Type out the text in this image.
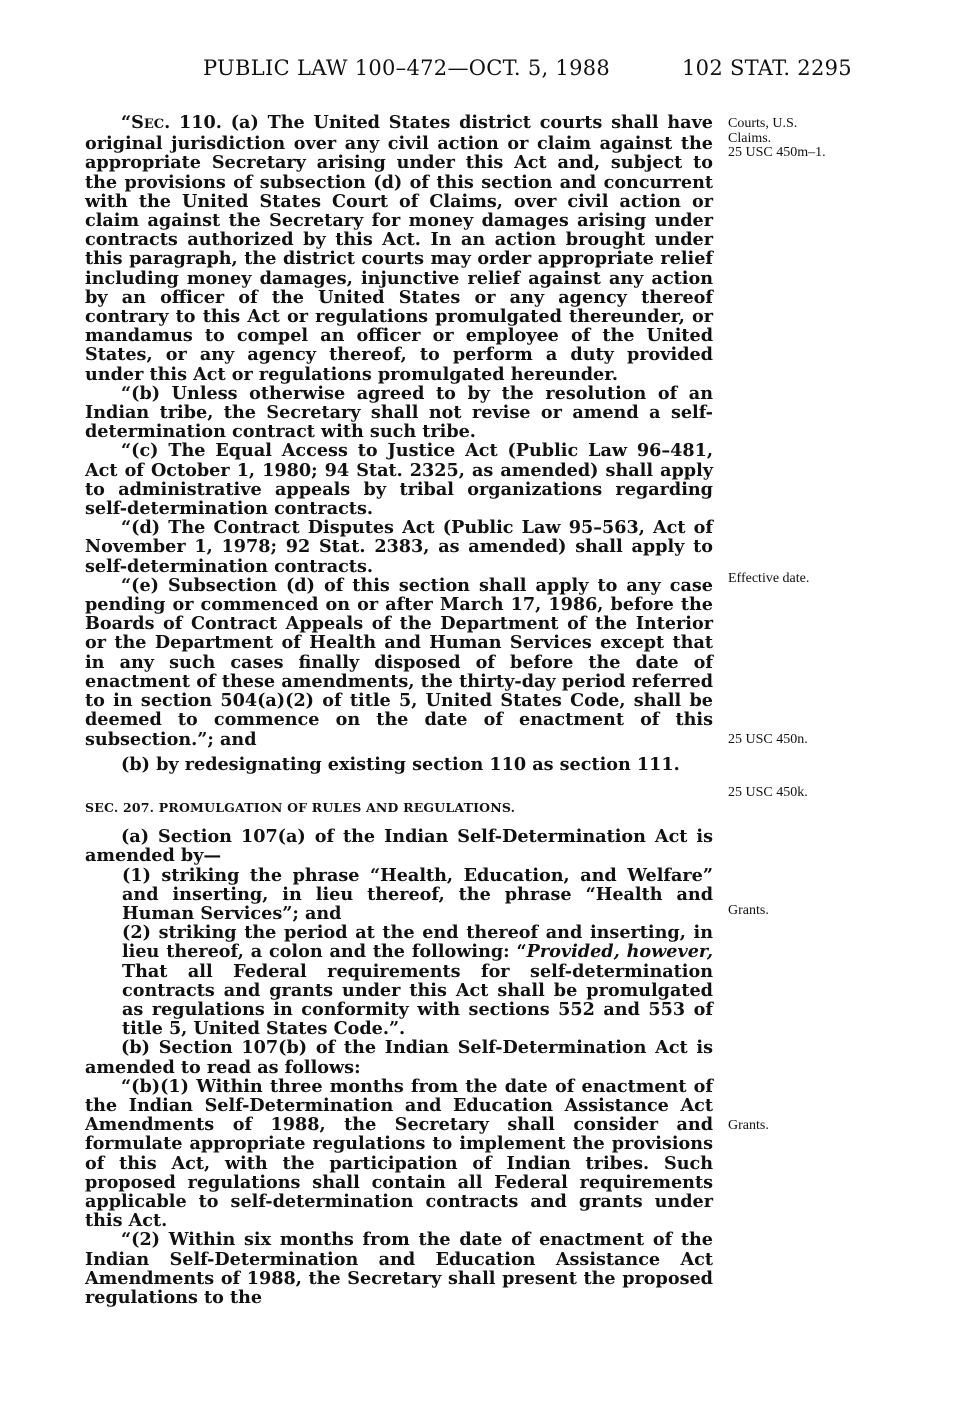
PUBLIC LAW 100–472—OCT. 5, 1988	102 STAT. 2295

“SEC. 110. (a) The United States district courts shall have original jurisdiction over any civil action or claim against the appropriate Secretary arising under this Act and, subject to the provisions of subsection (d) of this section and concurrent with the United States Court of Claims, over civil action or claim against the Secretary for money damages arising under contracts authorized by this Act. In an action brought under this paragraph, the district courts may order appropriate relief including money damages, injunctive relief against any action by an officer of the United States or any agency thereof contrary to this Act or regulations promulgated thereunder, or mandamus to compel an officer or employee of the United States, or any agency thereof, to perform a duty provided under this Act or regulations promulgated hereunder.

“(b) Unless otherwise agreed to by the resolution of an Indian tribe, the Secretary shall not revise or amend a self-determination contract with such tribe.

“(c) The Equal Access to Justice Act (Public Law 96–481, Act of October 1, 1980; 94 Stat. 2325, as amended) shall apply to administrative appeals by tribal organizations regarding self-determination contracts.

“(d) The Contract Disputes Act (Public Law 95–563, Act of November 1, 1978; 92 Stat. 2383, as amended) shall apply to self-determination contracts.

“(e) Subsection (d) of this section shall apply to any case pending or commenced on or after March 17, 1986, before the Boards of Contract Appeals of the Department of the Interior or the Department of Health and Human Services except that in any such cases finally disposed of before the date of enactment of these amendments, the thirty-day period referred to in section 504(a)(2) of title 5, United States Code, shall be deemed to commence on the date of enactment of this subsection.”; and

(b) by redesignating existing section 110 as section 111.

SEC. 207. PROMULGATION OF RULES AND REGULATIONS.

(a) Section 107(a) of the Indian Self-Determination Act is amended by—

(1) striking the phrase “Health, Education, and Welfare” and inserting, in lieu thereof, the phrase “Health and Human Services”; and

(2) striking the period at the end thereof and inserting, in lieu thereof, a colon and the following: “Provided, however, That all Federal requirements for self-determination contracts and grants under this Act shall be promulgated as regulations in conformity with sections 552 and 553 of title 5, United States Code.”.

(b) Section 107(b) of the Indian Self-Determination Act is amended to read as follows:

“(b)(1) Within three months from the date of enactment of the Indian Self-Determination and Education Assistance Act Amendments of 1988, the Secretary shall consider and formulate appropriate regulations to implement the provisions of this Act, with the participation of Indian tribes. Such proposed regulations shall contain all Federal requirements applicable to self-determination contracts and grants under this Act.

“(2) Within six months from the date of enactment of the Indian Self-Determination and Education Assistance Act Amendments of 1988, the Secretary shall present the proposed regulations to the

Courts, U.S.
Claims.
25 USC 450m–1.
Effective date.
25 USC 450n.
25 USC 450k.
Grants.
Grants.
